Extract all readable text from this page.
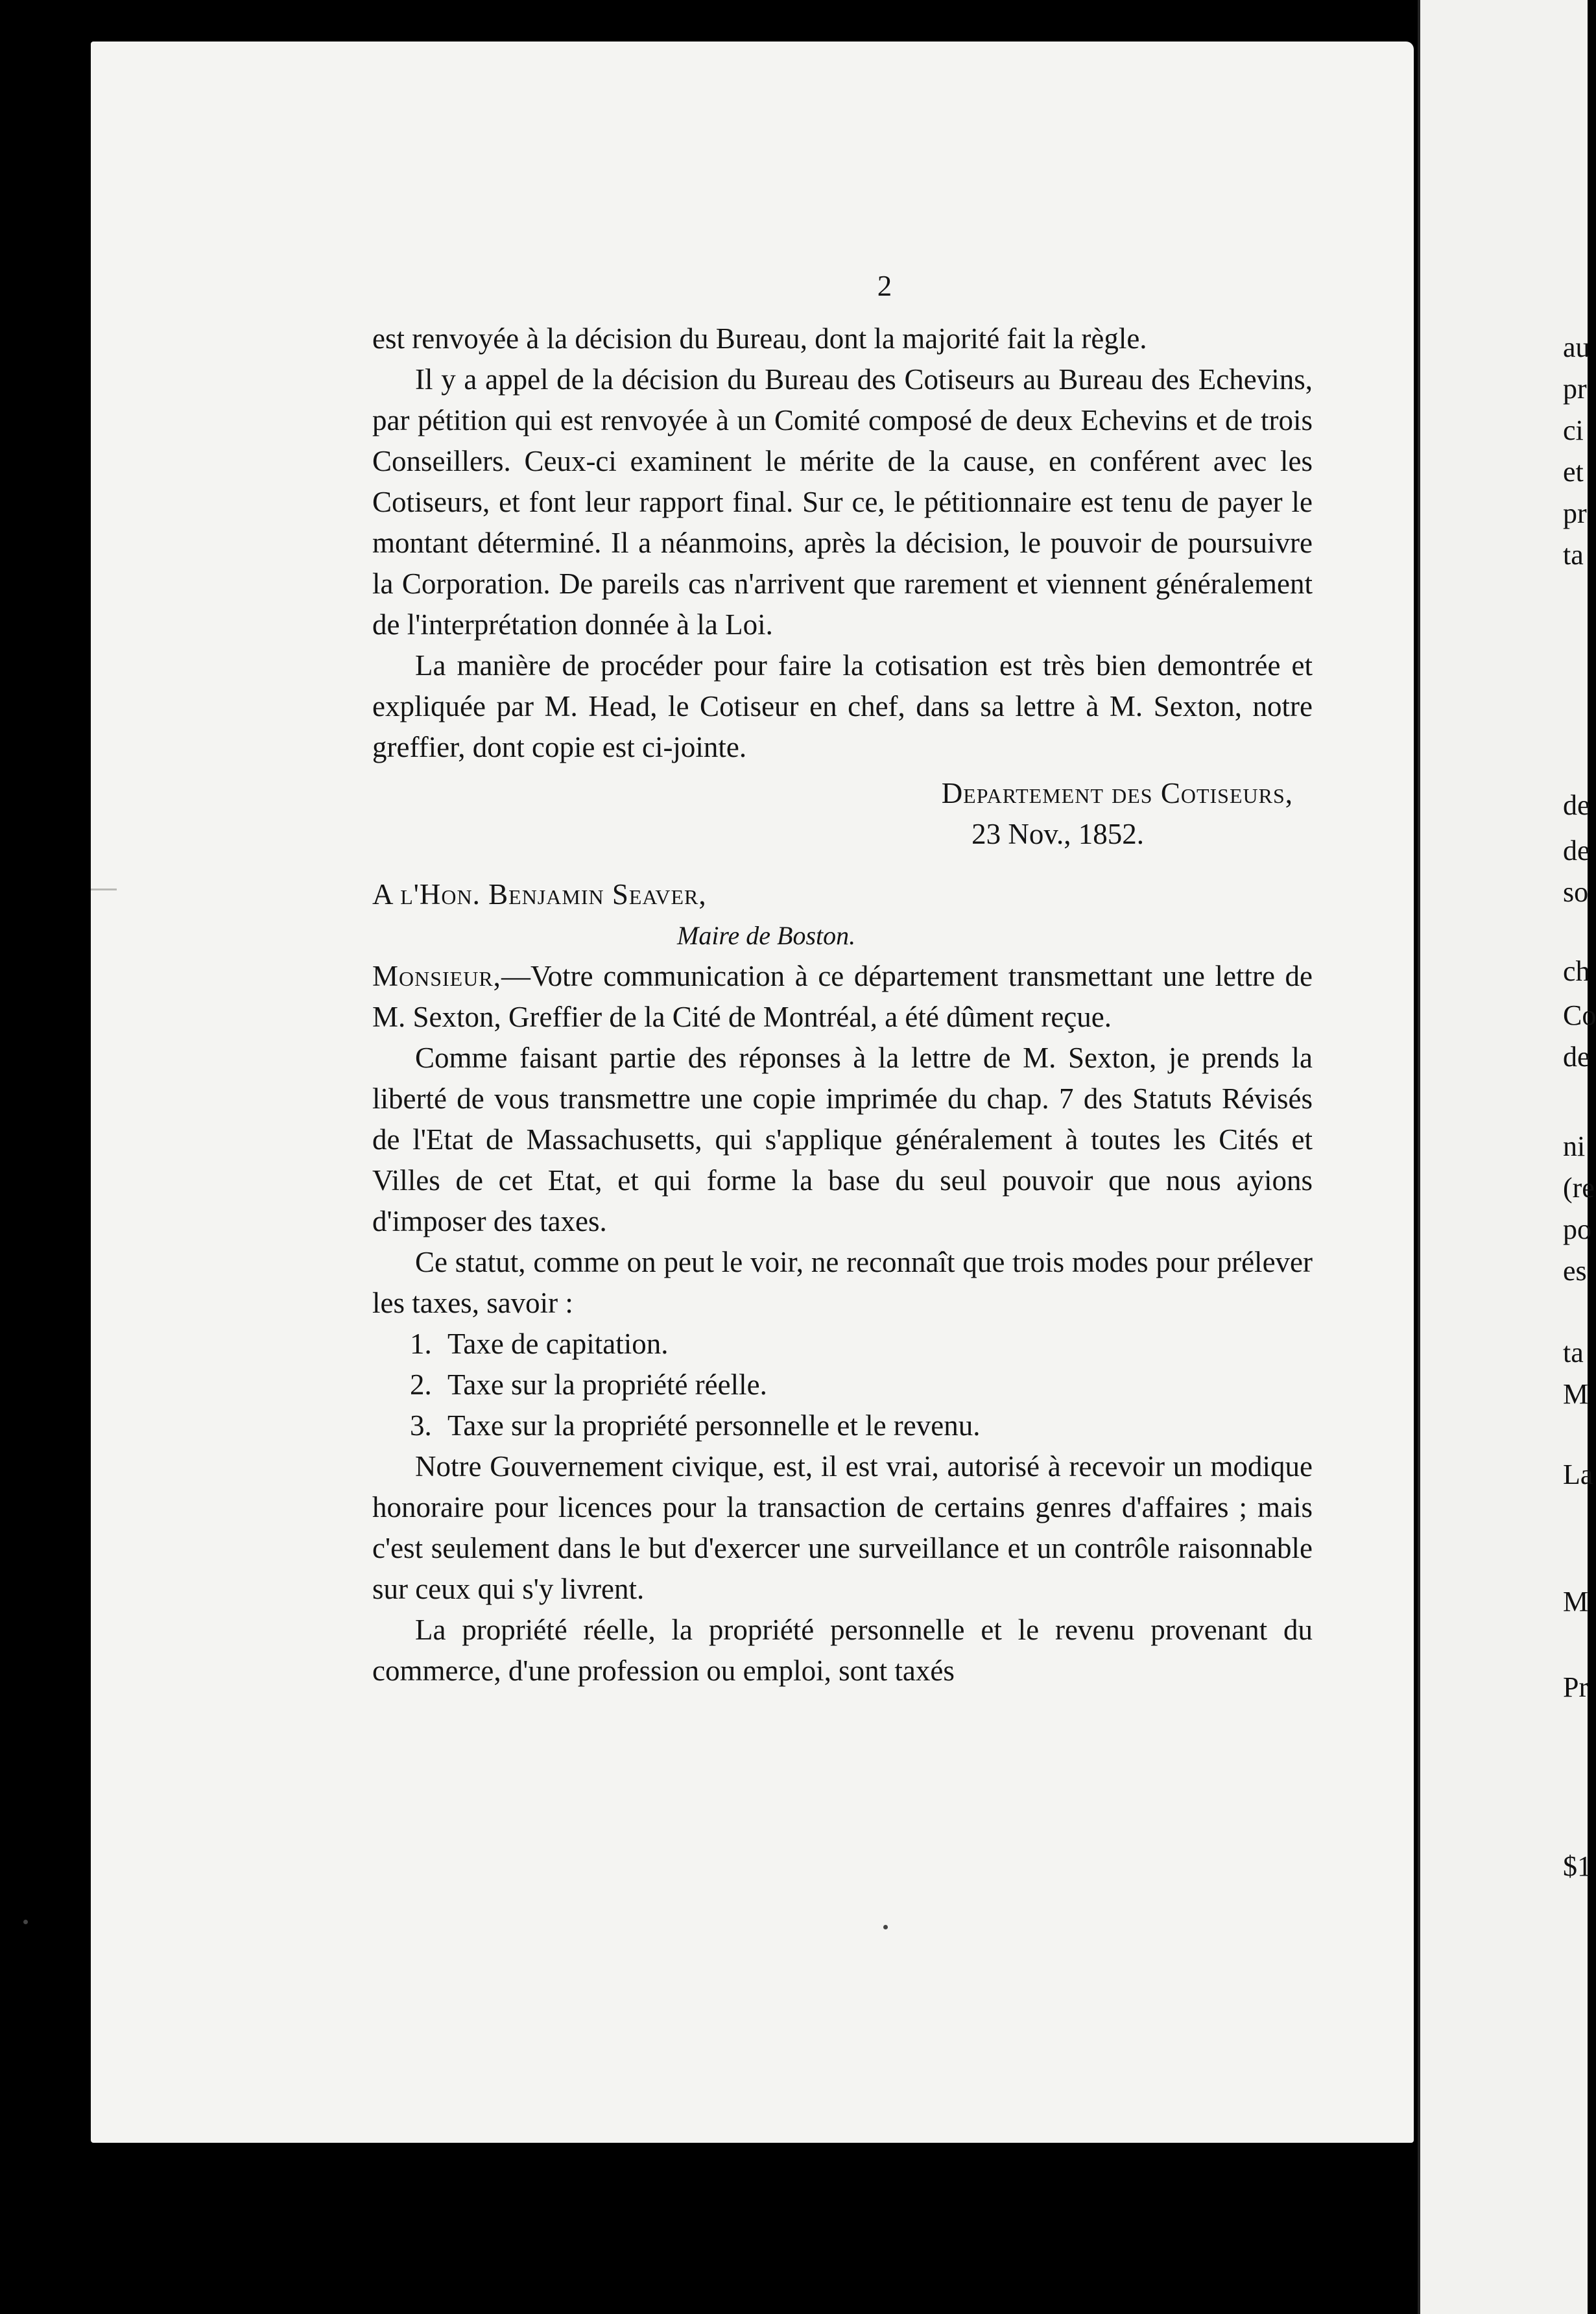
2

est renvoyée à la décision du Bureau, dont la majorité fait la règle.

Il y a appel de la décision du Bureau des Cotiseurs au Bureau des Echevins, par pétition qui est renvoyée à un Comité composé de deux Echevins et de trois Conseillers. Ceux-ci examinent le mérite de la cause, en conférent avec les Cotiseurs, et font leur rapport final. Sur ce, le pétitionnaire est tenu de payer le montant déterminé. Il a néanmoins, après la décision, le pouvoir de poursuivre la Corporation. De pareils cas n'arrivent que rarement et viennent généralement de l'interprétation donnée à la Loi.

La manière de procéder pour faire la cotisation est très bien demontrée et expliquée par M. Head, le Cotiseur en chef, dans sa lettre à M. Sexton, notre greffier, dont copie est ci-jointe.

Departement des Cotiseurs,

23 Nov., 1852.

A l'Hon. Benjamin Seaver,

Maire de Boston.

Monsieur,—Votre communication à ce département transmettant une lettre de M. Sexton, Greffier de la Cité de Montréal, a été dûment reçue.

Comme faisant partie des réponses à la lettre de M. Sexton, je prends la liberté de vous transmettre une copie imprimée du chap. 7 des Statuts Révisés de l'Etat de Massachusetts, qui s'applique généralement à toutes les Cités et Villes de cet Etat, et qui forme la base du seul pouvoir que nous ayions d'imposer des taxes.

Ce statut, comme on peut le voir, ne reconnaît que trois modes pour prélever les taxes, savoir :

1. Taxe de capitation.
2. Taxe sur la propriété réelle.
3. Taxe sur la propriété personnelle et le revenu.

Notre Gouvernement civique, est, il est vrai, autorisé à recevoir un modique honoraire pour licences pour la transaction de certains genres d'affaires ; mais c'est seulement dans le but d'exercer une surveillance et un contrôle raisonnable sur ceux qui s'y livrent.

La propriété réelle, la propriété personnelle et le revenu provenant du commerce, d'une profession ou emploi, sont taxés

au
pr
ci
et
pr
ta
de
de
so
ch
Co
de
ni
(re
po
es
ta
M
La
M
Pr
$1
